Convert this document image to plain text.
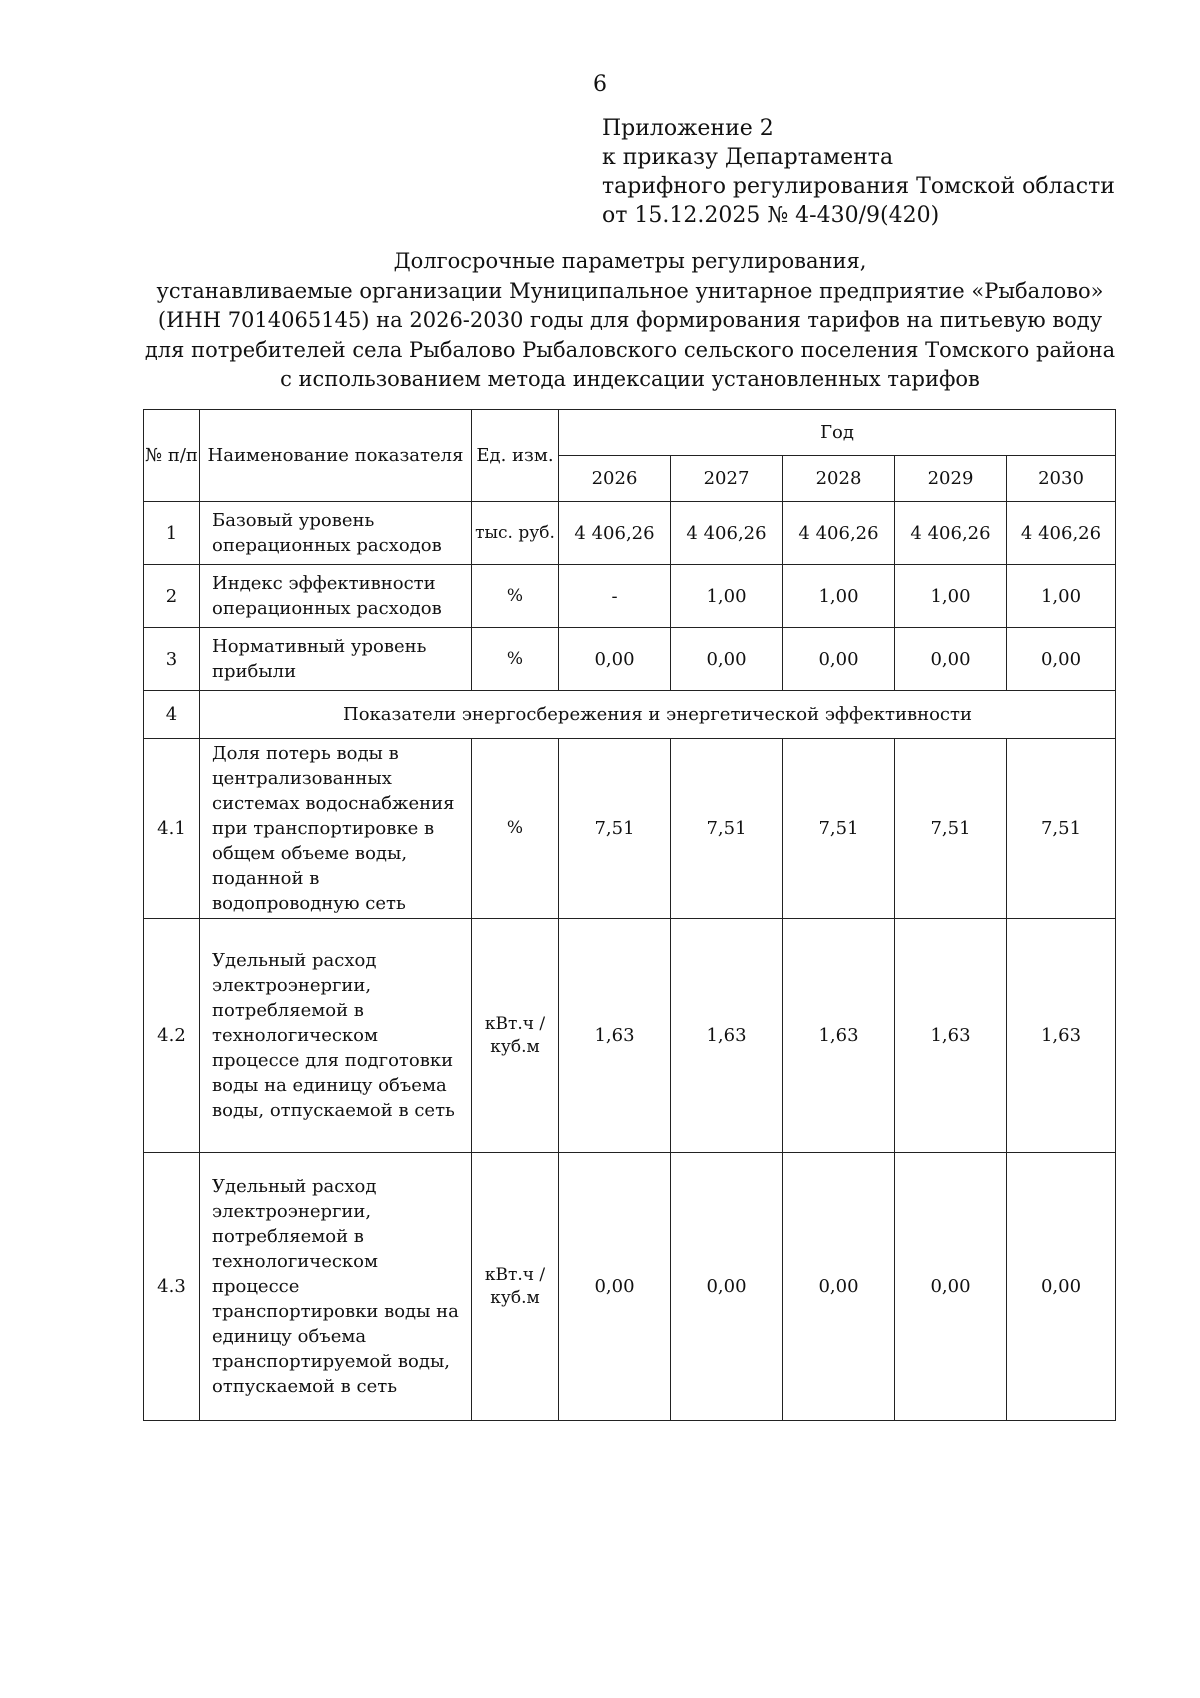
6
Приложение 2
к приказу Департамента
тарифного регулирования Томской области
от 15.12.2025 № 4-430/9(420)
Долгосрочные параметры регулирования,
устанавливаемые организации Муниципальное унитарное предприятие «Рыбалово»
(ИНН 7014065145) на 2026-2030 годы для формирования тарифов на питьевую воду
для потребителей села Рыбалово Рыбаловского сельского поселения Томского района
с использованием метода индексации установленных тарифов
№ п/п	Наименование показателя	Ед. изм.	Год				
			2026	2027	2028	2029	2030
1	Базовый уровень операционных расходов	тыс. руб.	4 406,26	4 406,26	4 406,26	4 406,26	4 406,26
2	Индекс эффективности операционных расходов	%	-	1,00	1,00	1,00	1,00
3	Нормативный уровень прибыли	%	0,00	0,00	0,00	0,00	0,00
4	Показатели энергосбережения и энергетической эффективности						
4.1	Доля потерь воды в централизованных системах водоснабжения при транспортировке в общем объеме воды, поданной в водопроводную сеть	%	7,51	7,51	7,51	7,51	7,51
4.2	Удельный расход электроэнергии, потребляемой в технологическом процессе для подготовки воды на единицу объема воды, отпускаемой в сеть	кВт.ч / куб.м	1,63	1,63	1,63	1,63	1,63
4.3	Удельный расход электроэнергии, потребляемой в технологическом процессе транспортировки воды на единицу объема транспортируемой воды, отпускаемой в сеть	кВт.ч / куб.м	0,00	0,00	0,00	0,00	0,00
